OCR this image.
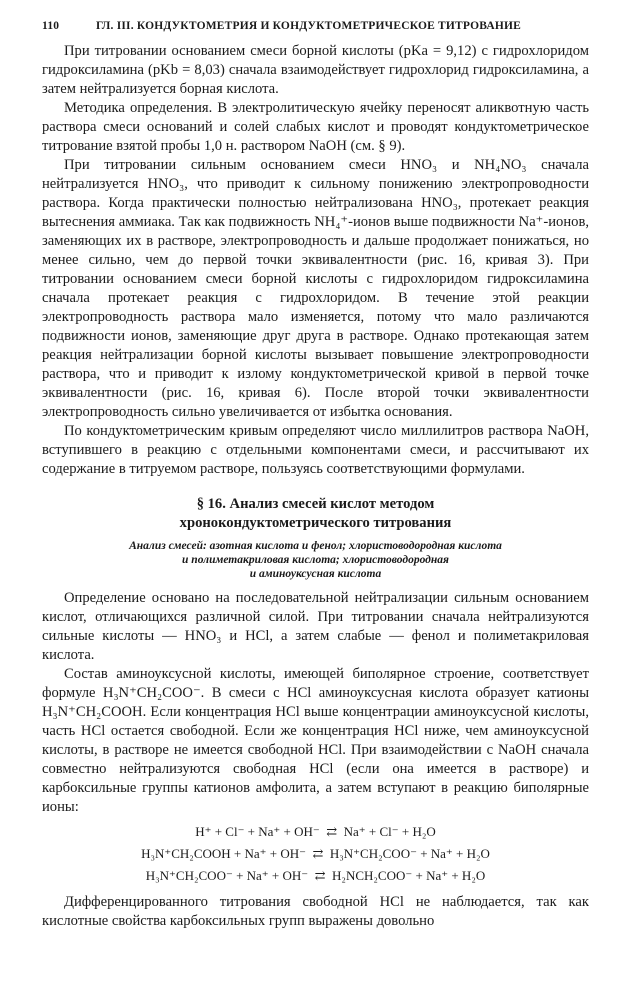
110	ГЛ. III. КОНДУКТОМЕТРИЯ И КОНДУКТОМЕТРИЧЕСКОЕ ТИТРОВАНИЕ

При титровании основанием смеси борной кислоты (pKa = 9,12) с гидрохлоридом гидроксиламина (pKb = 8,03) сначала взаимодействует гидрохлорид гидроксиламина, а затем нейтрализуется борная кислота.

Методика определения. В электролитическую ячейку переносят аликвотную часть раствора смеси оснований и солей слабых кислот и проводят кондуктометрическое титрование взятой пробы 1,0 н. раствором NaOH (см. § 9).

При титровании сильным основанием смеси HNO₃ и NH₄NO₃ сначала нейтрализуется HNO₃, что приводит к сильному понижению электропроводности раствора. Когда практически полностью нейтрализована HNO₃, протекает реакция вытеснения аммиака. Так как подвижность NH₄⁺-ионов выше подвижности Na⁺-ионов, заменяющих их в растворе, электропроводность и дальше продолжает понижаться, но менее сильно, чем до первой точки эквивалентности (рис. 16, кривая 3). При титровании основанием смеси борной кислоты с гидрохлоридом гидроксиламина сначала протекает реакция с гидрохлоридом. В течение этой реакции электропроводность раствора мало изменяется, потому что мало различаются подвижности ионов, заменяющие друг друга в растворе. Однако протекающая затем реакция нейтрализации борной кислоты вызывает повышение электропроводности раствора, что и приводит к излому кондуктометрической кривой в первой точке эквивалентности (рис. 16, кривая 6). После второй точки эквивалентности электропроводность сильно увеличивается от избытка основания.

По кондуктометрическим кривым определяют число миллилитров раствора NaOH, вступившего в реакцию с отдельными компонентами смеси, и рассчитывают их содержание в титруемом растворе, пользуясь соответствующими формулами.

§ 16. Анализ смесей кислот методом
хронокондуктометрического титрования
Анализ смесей: азотная кислота и фенол; хлористоводородная кислота
и полиметакриловая кислота; хлористоводородная
и аминоуксусная кислота

Определение основано на последовательной нейтрализации сильным основанием кислот, отличающихся различной силой. При титровании сначала нейтрализуются сильные кислоты — HNO₃ и HCl, а затем слабые — фенол и полиметакриловая кислота.

Состав аминоуксусной кислоты, имеющей биполярное строение, соответствует формуле H₃N⁺CH₂COO⁻. В смеси с HCl аминоуксусная кислота образует катионы H₃N⁺CH₂COOH. Если концентрация HCl выше концентрации аминоуксусной кислоты, часть HCl остается свободной. Если же концентрация HCl ниже, чем аминоуксусной кислоты, в растворе не имеется свободной HCl. При взаимодействии с NaOH сначала совместно нейтрализуются свободная HCl (если она имеется в растворе) и карбоксильные группы катионов амфолита, а затем вступают в реакцию биполярные ионы:

H⁺ + Cl⁻ + Na⁺ + OH⁻  ⇄  Na⁺ + Cl⁻ + H₂O
H₃N⁺CH₂COOH + Na⁺ + OH⁻  ⇄  H₃N⁺CH₂COO⁻ + Na⁺ + H₂O
H₃N⁺CH₂COO⁻ + Na⁺ + OH⁻  ⇄  H₂NCH₂COO⁻ + Na⁺ + H₂O

Дифференцированного титрования свободной HCl не наблюдается, так как кислотные свойства карбоксильных групп выражены довольно
